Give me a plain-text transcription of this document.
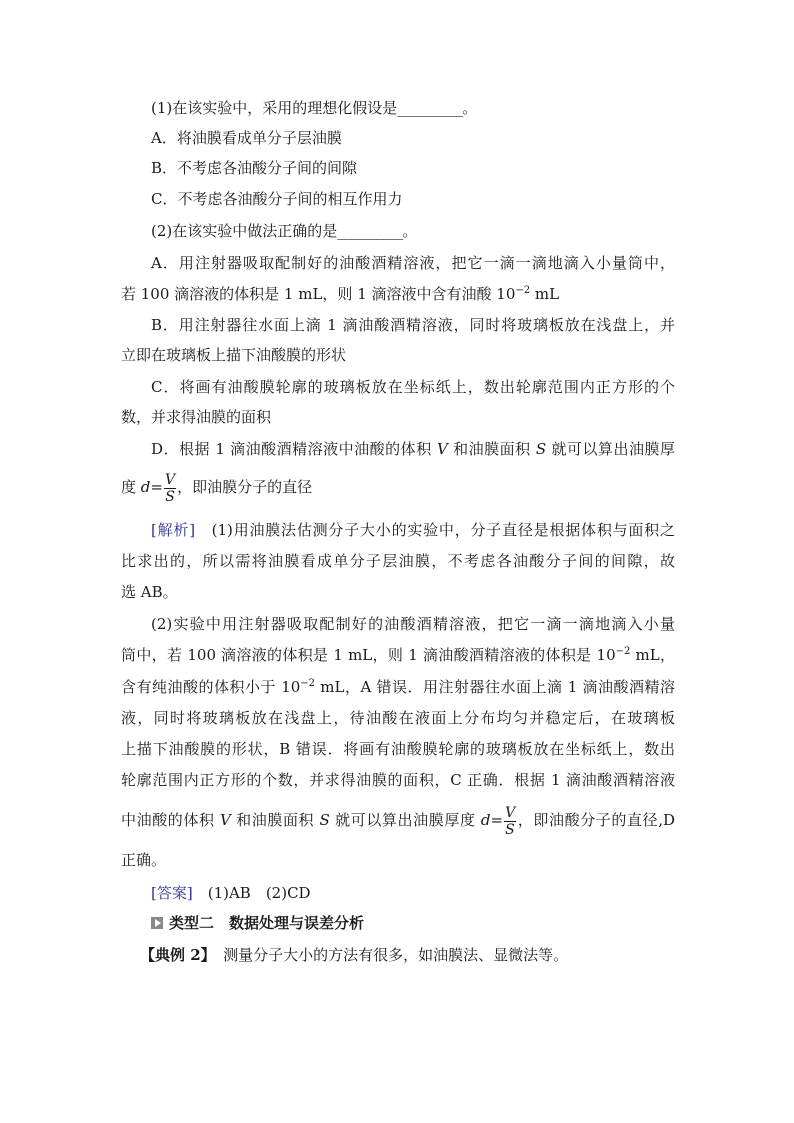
(1)在该实验中，采用的理想化假设是__________。
A．将油膜看成单分子层油膜
B．不考虑各油酸分子间的间隙
C．不考虑各油酸分子间的相互作用力
(2)在该实验中做法正确的是__________。
A．用注射器吸取配制好的油酸酒精溶液，把它一滴一滴地滴入小量筒中，
若 100 滴溶液的体积是 1 mL，则 1 滴溶液中含有油酸 $10^{-2}$ mL
B．用注射器往水面上滴 1 滴油酸酒精溶液，同时将玻璃板放在浅盘上，并
立即在玻璃板上描下油酸膜的形状
C．将画有油酸膜轮廓的玻璃板放在坐标纸上，数出轮廓范围内正方形的个
数，并求得油膜的面积
D．根据 1 滴油酸酒精溶液中油酸的体积 V 和油膜面积 S 就可以算出油膜厚
度 $d= \frac{V}{S}$ ，即油膜分子的直径
[解析]　 (1)用油膜法估测分子大小的实验中，分子直径是根据体积与面积之
比求出的，所以需将油膜看成单分子层油膜，不考虑各油酸分子间的间隙，故
选 AB。
(2)实验中用注射器吸取配制好的油酸酒精溶液，把它一滴一滴地滴入小量
筒中，若 100 滴溶液的体积是 1 mL，则 1 滴油酸酒精溶液的体积是 $10^{-2}$ mL，
含有纯油酸的体积小于 $10^{-2}$ mL，A 错误．用注射器往水面上滴 1 滴油酸酒精溶
液，同时将玻璃板放在浅盘上，待油酸在液面上分布均匀并稳定后，在玻璃板
上描下油酸膜的形状，B 错误．将画有油酸膜轮廓的玻璃板放在坐标纸上，数出
轮廓范围内正方形的个数，并求得油膜的面积，C 正确．根据 1 滴油酸酒精溶液
中油酸的体积 V 和油膜面积 S 就可以算出油膜厚度 $d= \frac{V}{S}$ ，即油酸分子的直径,D
正确。
[答案]　(1)AB　(2)CD
类型二　数据处理与误差分析
【典例 2】　测量分子大小的方法有很多，如油膜法、显微法等。
